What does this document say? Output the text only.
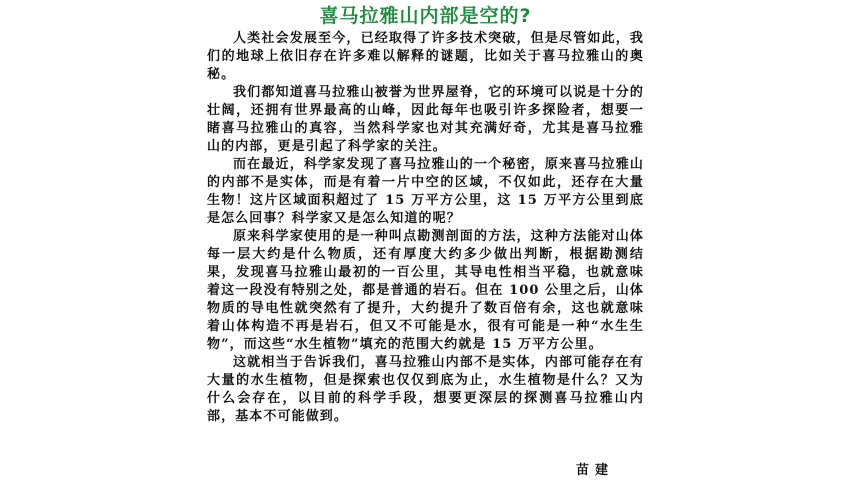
喜马拉雅山内部是空的?

人类社会发展至今，已经取得了许多技术突破，但是尽管如此，我们的地球上依旧存在许多难以解释的谜题，比如关于喜马拉雅山的奥秘。

我们都知道喜马拉雅山被誉为世界屋脊，它的环境可以说是十分的壮阔，还拥有世界最高的山峰，因此每年也吸引许多探险者，想要一睹喜马拉雅山的真容，当然科学家也对其充满好奇，尤其是喜马拉雅山的内部，更是引起了科学家的关注。

而在最近，科学家发现了喜马拉雅山的一个秘密，原来喜马拉雅山的内部不是实体，而是有着一片中空的区域，不仅如此，还存在大量生物！这片区域面积超过了 15 万平方公里，这 15 万平方公里到底是怎么回事？科学家又是怎么知道的呢？

原来科学家使用的是一种叫点勘测剖面的方法，这种方法能对山体每一层大约是什么物质，还有厚度大约多少做出判断，根据勘测结果，发现喜马拉雅山最初的一百公里，其导电性相当平稳，也就意味着这一段没有特别之处，都是普通的岩石。但在 100 公里之后，山体物质的导电性就突然有了提升，大约提升了数百倍有余，这也就意味着山体构造不再是岩石，但又不可能是水，很有可能是一种“水生生物”，而这些“水生植物”填充的范围大约就是 15 万平方公里。

这就相当于告诉我们，喜马拉雅山内部不是实体，内部可能存在有大量的水生植物，但是探索也仅仅到底为止，水生植物是什么？又为什么会存在，以目前的科学手段，想要更深层的探测喜马拉雅山内部，基本不可能做到。

苗建
